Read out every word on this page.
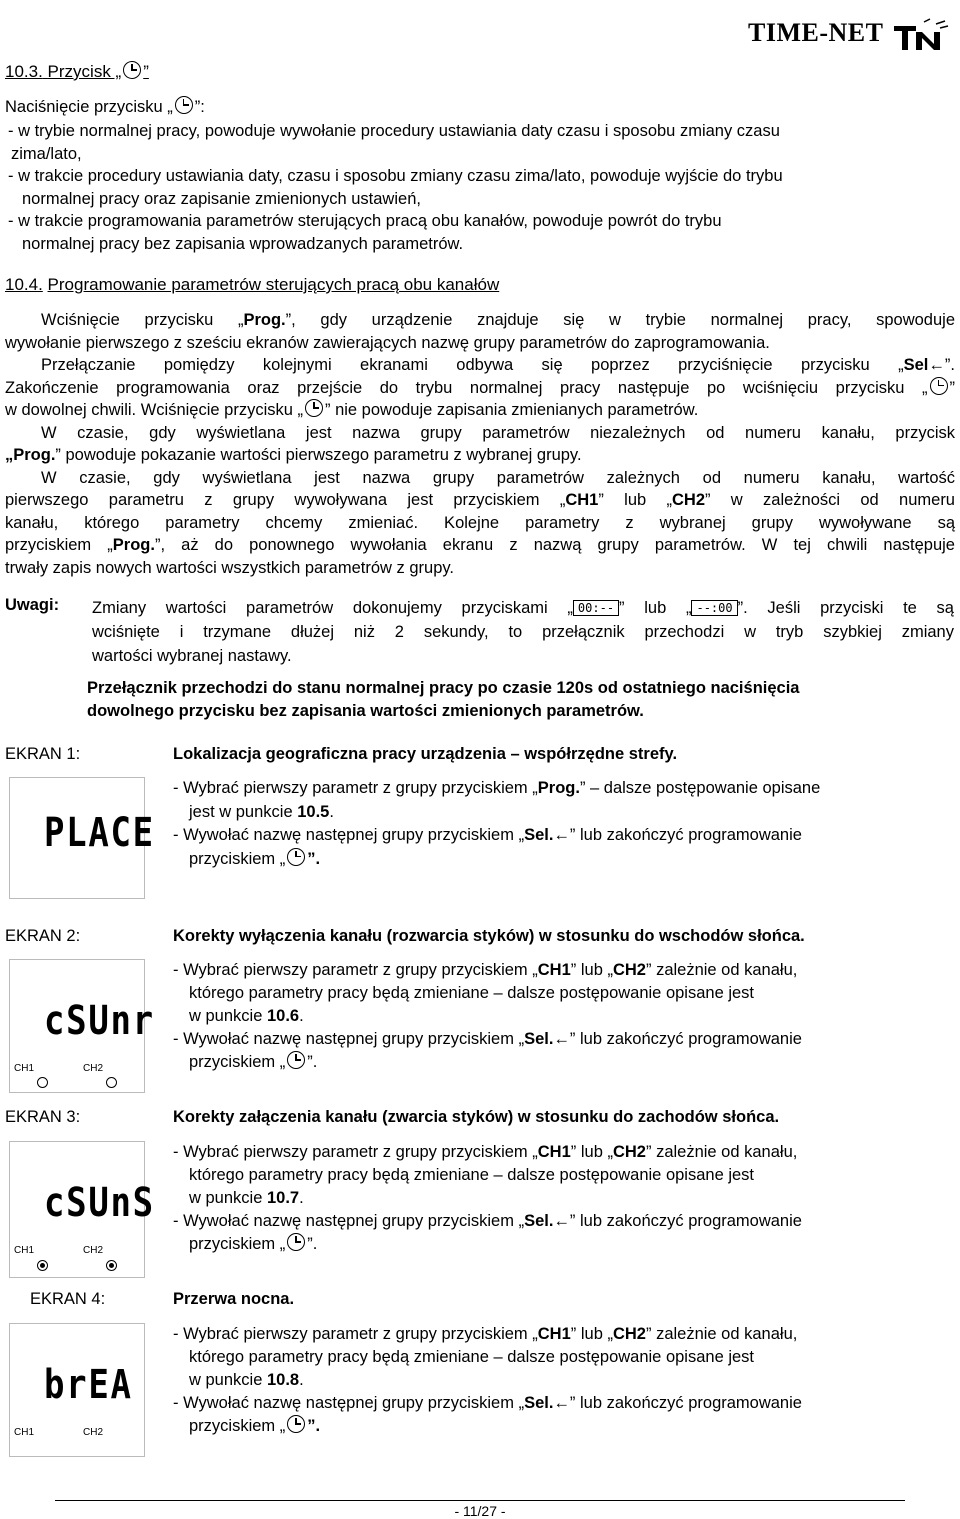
TIME-NET
10.3. Przycisk „ ”
Naciśnięcie przycisku „ ”:
- w trybie normalnej pracy, powoduje wywołanie procedury ustawiania daty czasu i sposobu zmiany czasu
zima/lato,
- w trakcie procedury ustawiania daty, czasu i sposobu zmiany czasu zima/lato, powoduje wyjście do trybu
normalnej pracy oraz zapisanie zmienionych ustawień,
- w trakcie programowania parametrów sterujących pracą obu kanałów, powoduje powrót do trybu
normalnej pracy bez zapisania wprowadzanych parametrów.
10.4. Programowanie parametrów sterujących pracą obu kanałów
Wciśnięcie przycisku „Prog.”, gdy urządzenie znajduje się w trybie normalnej pracy, spowoduje
wywołanie pierwszego z sześciu ekranów zawierających nazwę grupy parametrów do zaprogramowania.
Przełączanie pomiędzy kolejnymi ekranami odbywa się poprzez przyciśnięcie przycisku „Sel←”.
Zakończenie programowania oraz przejście do trybu normalnej pracy następuje po wciśnięciu przycisku „ ”
w dowolnej chwili. Wciśnięcie przycisku „ ” nie powoduje zapisania zmienianych parametrów.
W czasie, gdy wyświetlana jest nazwa grupy parametrów niezależnych od numeru kanału, przycisk
„Prog.” powoduje pokazanie wartości pierwszego parametru z wybranej grupy.
W czasie, gdy wyświetlana jest nazwa grupy parametrów zależnych od numeru kanału, wartość
pierwszego parametru z grupy wywoływana jest przyciskiem „CH1” lub „CH2” w zależności od numeru
kanału, którego parametry chcemy zmieniać. Kolejne parametry z wybranej grupy wywoływane są
przyciskiem „Prog.”, aż do ponownego wywołania ekranu z nazwą grupy parametrów. W tej chwili następuje
trwały zapis nowych wartości wszystkich parametrów z grupy.
Uwagi: Zmiany wartości parametrów dokonujemy przyciskami „ 00:-- ” lub „ --:00 ”. Jeśli przyciski te są
wciśnięte i trzymane dłużej niż 2 sekundy, to przełącznik przechodzi w tryb szybkiej zmiany
wartości wybranej nastawy.
Przełącznik przechodzi do stanu normalnej pracy po czasie 120s od ostatniego naciśnięcia
dowolnego przycisku bez zapisania wartości zmienionych parametrów.
EKRAN 1:
PLACE
Lokalizacja geograficzna pracy urządzenia – współrzędne strefy.
- Wybrać pierwszy parametr z grupy przyciskiem „Prog.” – dalsze postępowanie opisane
jest w punkcie 10.5.
- Wywołać nazwę następnej grupy przyciskiem „Sel.←” lub zakończyć programowanie
przyciskiem „ ”.
EKRAN 2:
cSUnr
CH1	CH2
Korekty wyłączenia kanału (rozwarcia styków) w stosunku do wschodów słońca.
- Wybrać pierwszy parametr z grupy przyciskiem „CH1” lub „CH2” zależnie od kanału,
którego parametry pracy będą zmieniane – dalsze postępowanie opisane jest
w punkcie 10.6.
- Wywołać nazwę następnej grupy przyciskiem „Sel.←” lub zakończyć programowanie
przyciskiem „ ”.
EKRAN 3:
cSUnS
CH1	CH2
Korekty załączenia kanału (zwarcia styków) w stosunku do zachodów słońca.
- Wybrać pierwszy parametr z grupy przyciskiem „CH1” lub „CH2” zależnie od kanału,
którego parametry pracy będą zmieniane – dalsze postępowanie opisane jest
w punkcie 10.7.
- Wywołać nazwę następnej grupy przyciskiem „Sel.←” lub zakończyć programowanie
przyciskiem „ ”.
EKRAN 4:
brEA
CH1	CH2
Przerwa nocna.
- Wybrać pierwszy parametr z grupy przyciskiem „CH1” lub „CH2” zależnie od kanału,
którego parametry pracy będą zmieniane – dalsze postępowanie opisane jest
w punkcie 10.8.
- Wywołać nazwę następnej grupy przyciskiem „Sel.←” lub zakończyć programowanie
przyciskiem „ ”.
- 11/27 -
